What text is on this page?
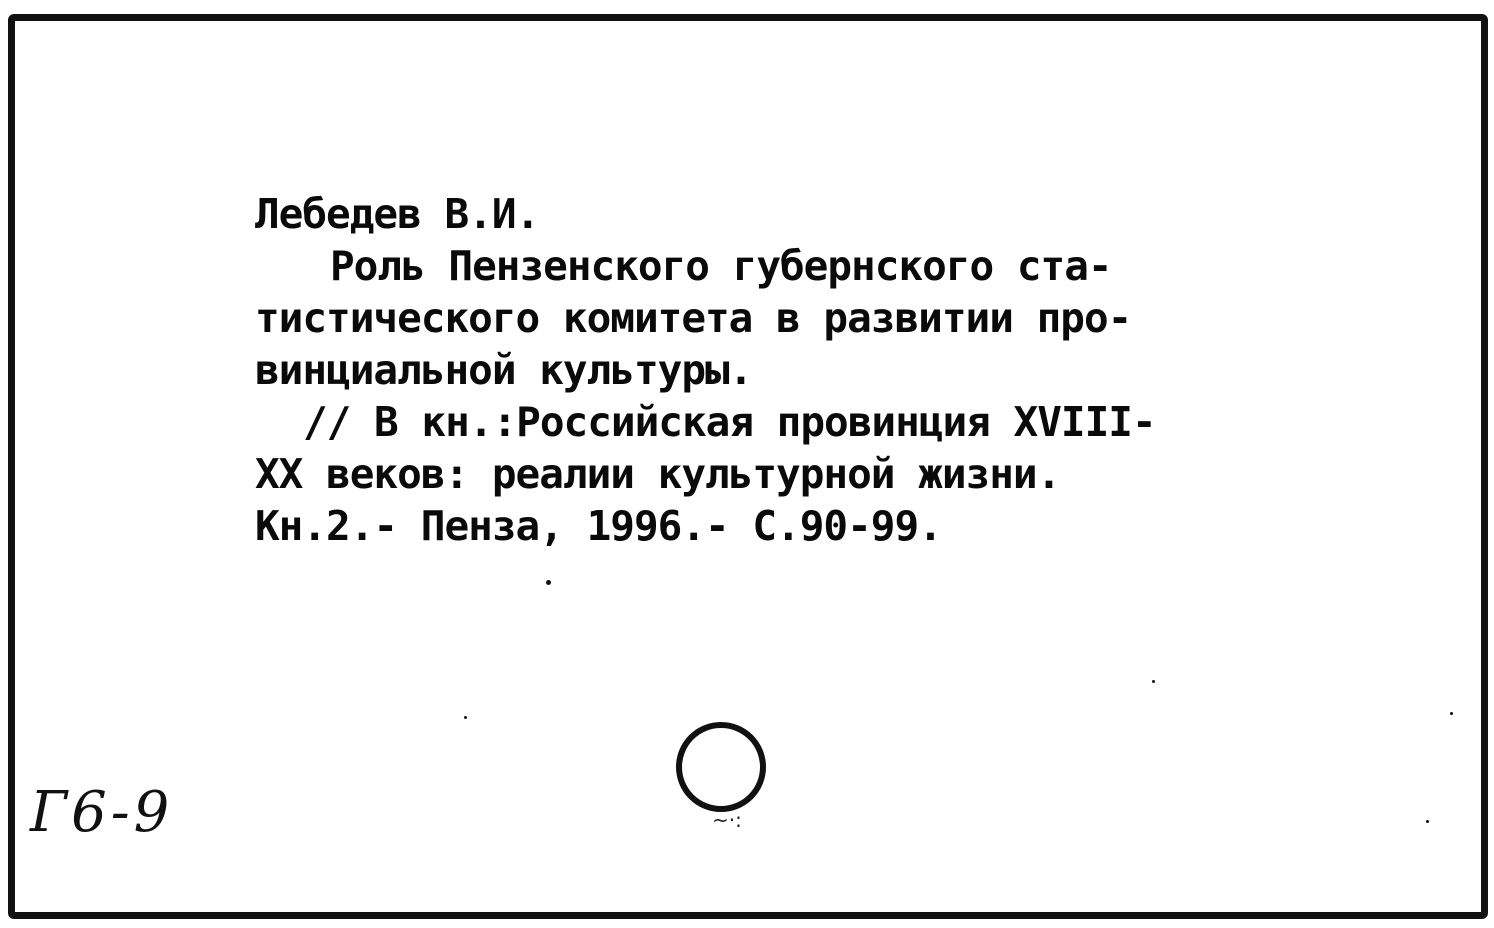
Лебедев В.И.
Роль Пензенского губернского ста-
тистического комитета в развитии про-
винциальной культуры.
// В кн.:Российская провинция XVIII-
XX веков: реалии культурной жизни.
Кн.2.- Пенза, 1996.- С.90-99.
~·:
Г6-9
